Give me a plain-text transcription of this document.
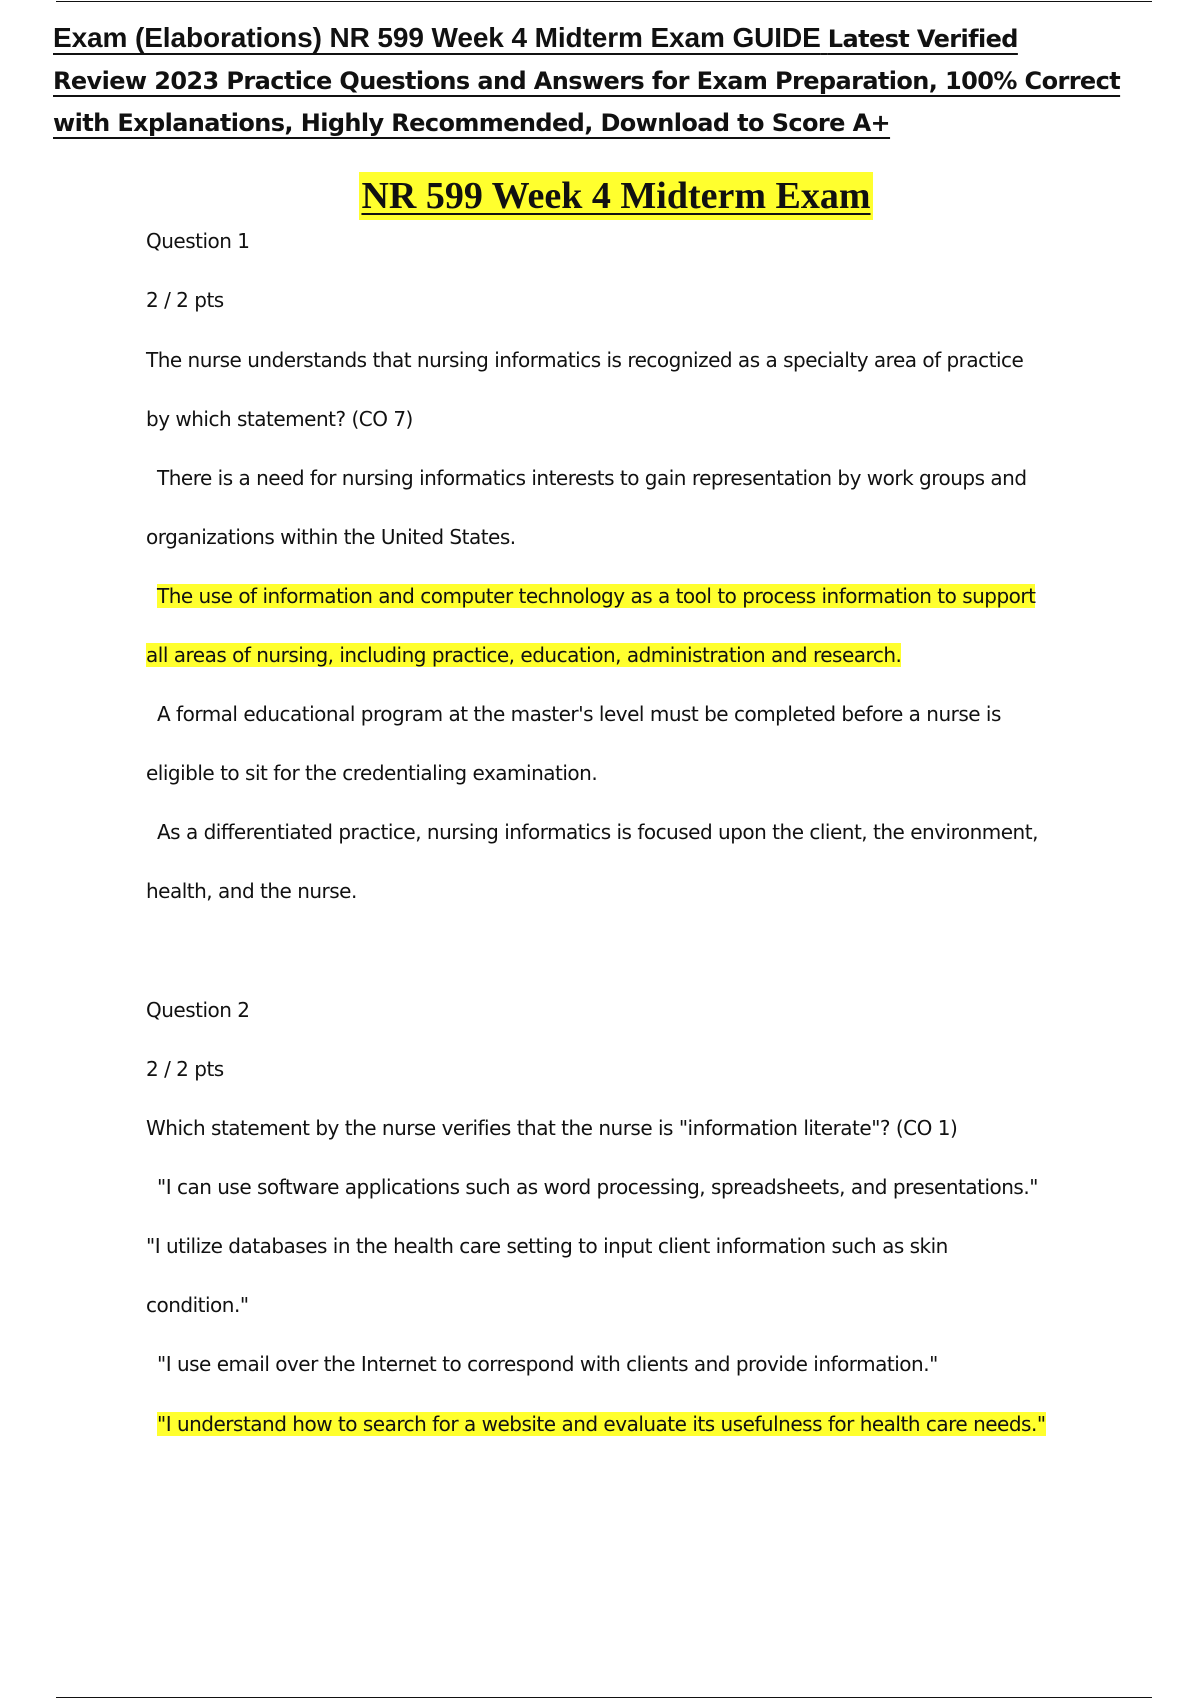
Exam (Elaborations) NR 599 Week 4 Midterm Exam GUIDE Latest Verified
Review 2023 Practice Questions and Answers for Exam Preparation, 100% Correct
with Explanations, Highly Recommended, Download to Score A+
NR 599 Week 4 Midterm Exam
Question 1
2 / 2 pts
The nurse understands that nursing informatics is recognized as a specialty area of practice
by which statement? (CO 7)
There is a need for nursing informatics interests to gain representation by work groups and
organizations within the United States.
The use of information and computer technology as a tool to process information to support
all areas of nursing, including practice, education, administration and research.
A formal educational program at the master's level must be completed before a nurse is
eligible to sit for the credentialing examination.
As a differentiated practice, nursing informatics is focused upon the client, the environment,
health, and the nurse.
Question 2
2 / 2 pts
Which statement by the nurse verifies that the nurse is "information literate"? (CO 1)
"I can use software applications such as word processing, spreadsheets, and presentations."
"I utilize databases in the health care setting to input client information such as skin
condition."
"I use email over the Internet to correspond with clients and provide information."
"I understand how to search for a website and evaluate its usefulness for health care needs."
